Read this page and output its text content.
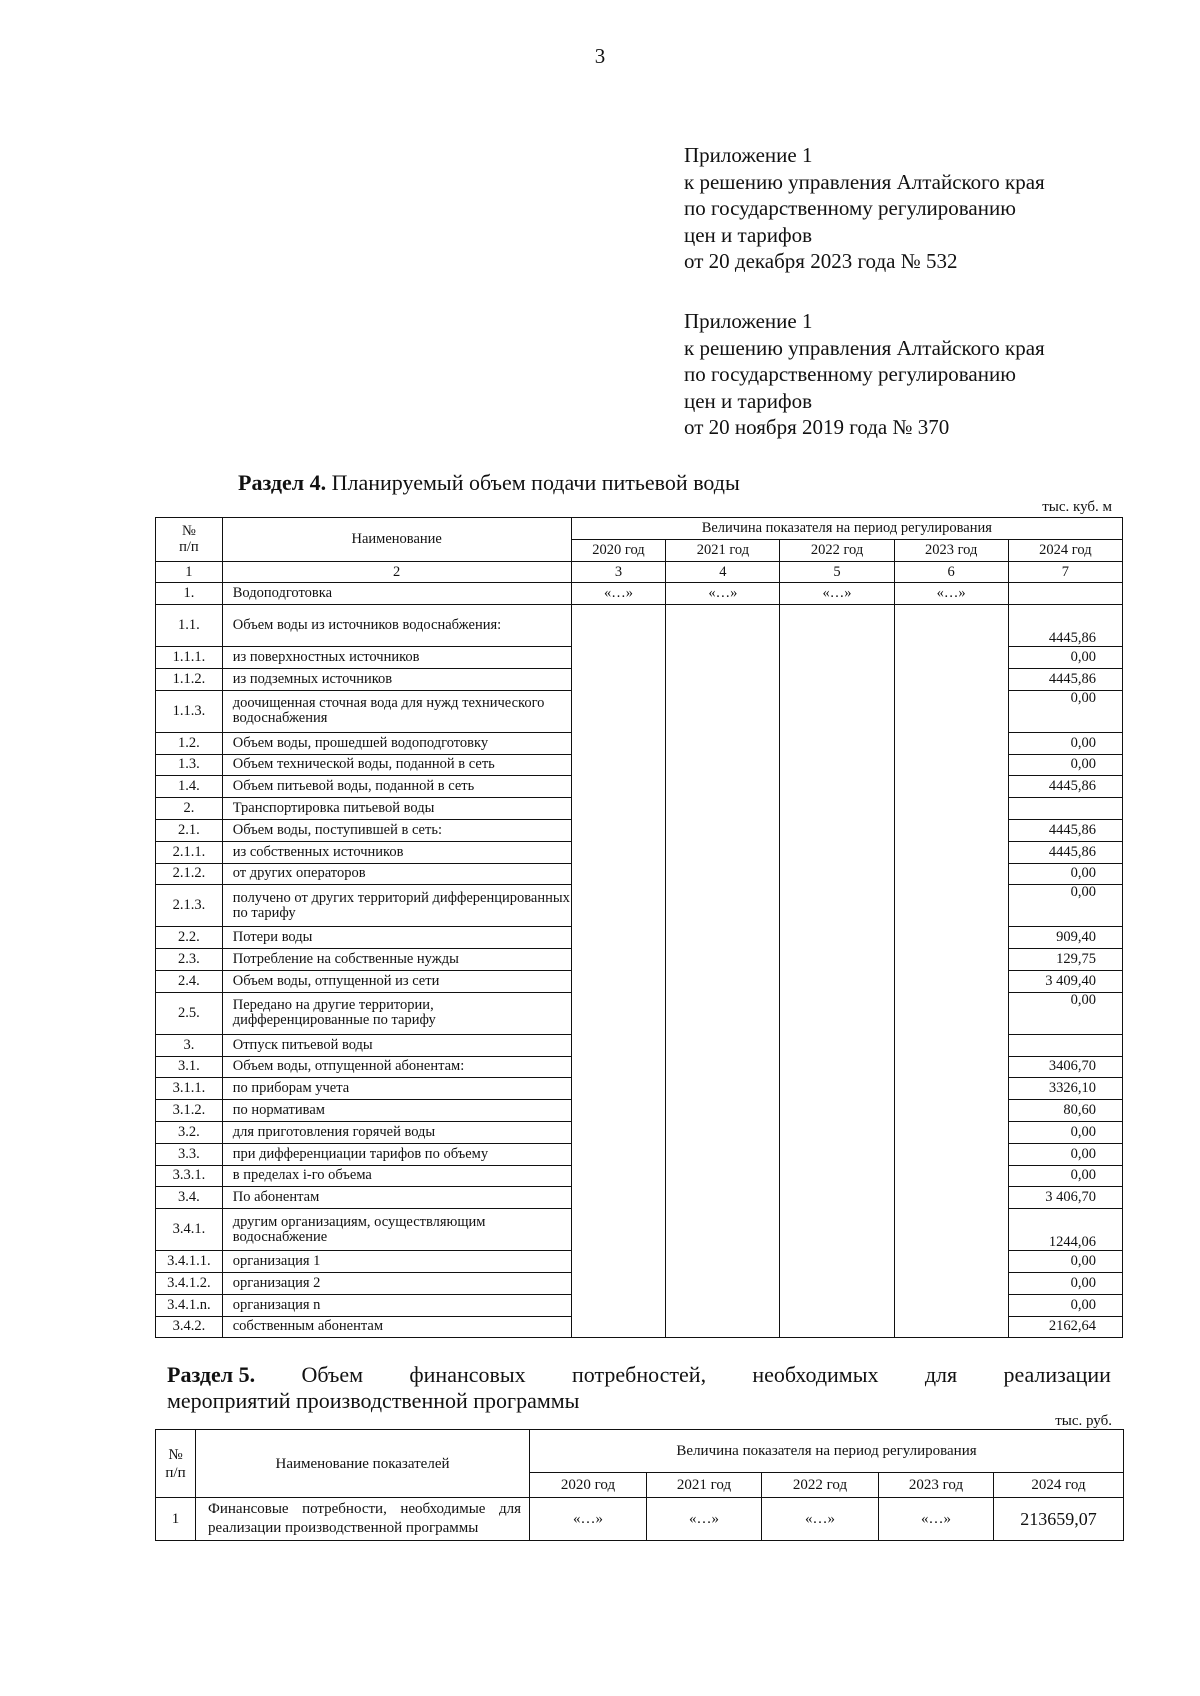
3
Приложение 1
к решению управления Алтайского края
по государственному регулированию
цен и тарифов
от 20 декабря 2023 года № 532
Приложение 1
к решению управления Алтайского края
по государственному регулированию
цен и тарифов
от 20 ноября 2019 года № 370
Раздел 4. Планируемый объем подачи питьевой воды
тыс. куб. м
№
п/п	Наименование	Величина показателя на период регулирования				
		2020 год	2021 год	2022 год	2023 год	2024 год
1	2	3	4	5	6	7
1.	Водоподготовка	«…»	«…»	«…»	«…»	
1.1.	Объем воды из источников водоснабжения:					4445,86
1.1.1.	из поверхностных источников					0,00
1.1.2.	из подземных источников					4445,86
1.1.3.	доочищенная сточная вода для нужд технического водоснабжения					0,00
1.2.	Объем воды, прошедшей водоподготовку					0,00
1.3.	Объем технической воды, поданной в сеть					0,00
1.4.	Объем питьевой воды, поданной в сеть					4445,86
2.	Транспортировка питьевой воды					
2.1.	Объем воды, поступившей в сеть:					4445,86
2.1.1.	из собственных источников					4445,86
2.1.2.	от других операторов					0,00
2.1.3.	получено от других территорий дифференцированных по тарифу					0,00
2.2.	Потери воды					909,40
2.3.	Потребление на собственные нужды					129,75
2.4.	Объем воды, отпущенной из сети					3 409,40
2.5.	Передано на другие территории, дифференцированные по тарифу					0,00
3.	Отпуск питьевой воды					
3.1.	Объем воды, отпущенной абонентам:					3406,70
3.1.1.	по приборам учета					3326,10
3.1.2.	по нормативам					80,60
3.2.	для приготовления горячей воды					0,00
3.3.	при дифференциации тарифов по объему					0,00
3.3.1.	в пределах i-го объема					0,00
3.4.	По абонентам					3 406,70
3.4.1.	другим организациям, осуществляющим водоснабжение					1244,06
3.4.1.1.	организация 1					0,00
3.4.1.2.	организация 2					0,00
3.4.1.n.	организация n					0,00
3.4.2.	собственным абонентам					2162,64
Раздел 5. Объем финансовых потребностей, необходимых для реализации
мероприятий производственной программы
тыс. руб.
№
п/п	Наименование показателей	Величина показателя на период регулирования				
		2020 год	2021 год	2022 год	2023 год	2024 год
1	Финансовые потребности, необходимые для реализации производственной программы	«…»	«…»	«…»	«…»	213659,07
